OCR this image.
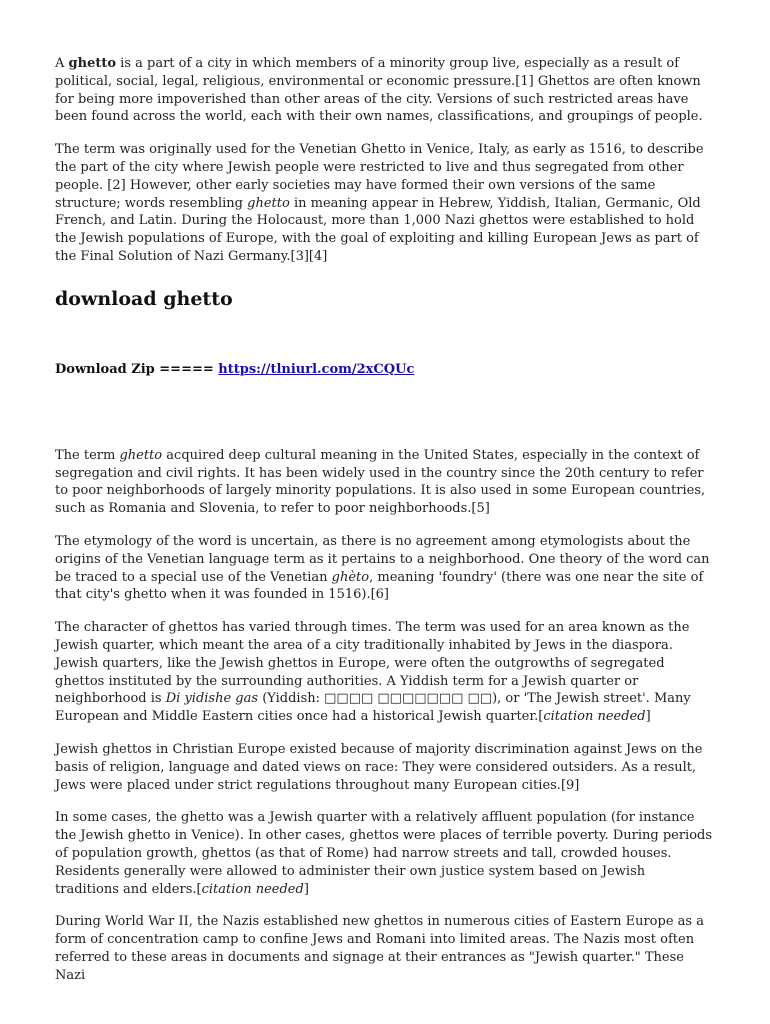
A ghetto is a part of a city in which members of a minority group live, especially as a result of political, social, legal, religious, environmental or economic pressure.[1] Ghettos are often known for being more impoverished than other areas of the city. Versions of such restricted areas have been found across the world, each with their own names, classifications, and groupings of people.

The term was originally used for the Venetian Ghetto in Venice, Italy, as early as 1516, to describe the part of the city where Jewish people were restricted to live and thus segregated from other people. [2] However, other early societies may have formed their own versions of the same structure; words resembling ghetto in meaning appear in Hebrew, Yiddish, Italian, Germanic, Old French, and Latin. During the Holocaust, more than 1,000 Nazi ghettos were established to hold the Jewish populations of Europe, with the goal of exploiting and killing European Jews as part of the Final Solution of Nazi Germany.[3][4]

download ghetto
Download Zip ===== https://tlniurl.com/2xCQUc

The term ghetto acquired deep cultural meaning in the United States, especially in the context of segregation and civil rights. It has been widely used in the country since the 20th century to refer to poor neighborhoods of largely minority populations. It is also used in some European countries, such as Romania and Slovenia, to refer to poor neighborhoods.[5]

The etymology of the word is uncertain, as there is no agreement among etymologists about the origins of the Venetian language term as it pertains to a neighborhood. One theory of the word can be traced to a special use of the Venetian ghèto, meaning 'foundry' (there was one near the site of that city's ghetto when it was founded in 1516).[6]

The character of ghettos has varied through times. The term was used for an area known as the Jewish quarter, which meant the area of a city traditionally inhabited by Jews in the diaspora. Jewish quarters, like the Jewish ghettos in Europe, were often the outgrowths of segregated ghettos instituted by the surrounding authorities. A Yiddish term for a Jewish quarter or neighborhood is Di yidishe gas (Yiddish: □□□□ □□□□□□□ □□), or 'The Jewish street'. Many European and Middle Eastern cities once had a historical Jewish quarter.[citation needed]

Jewish ghettos in Christian Europe existed because of majority discrimination against Jews on the basis of religion, language and dated views on race: They were considered outsiders. As a result, Jews were placed under strict regulations throughout many European cities.[9]

In some cases, the ghetto was a Jewish quarter with a relatively affluent population (for instance the Jewish ghetto in Venice). In other cases, ghettos were places of terrible poverty. During periods of population growth, ghettos (as that of Rome) had narrow streets and tall, crowded houses. Residents generally were allowed to administer their own justice system based on Jewish traditions and elders.[citation needed]

During World War II, the Nazis established new ghettos in numerous cities of Eastern Europe as a form of concentration camp to confine Jews and Romani into limited areas. The Nazis most often referred to these areas in documents and signage at their entrances as "Jewish quarter." These Nazi
